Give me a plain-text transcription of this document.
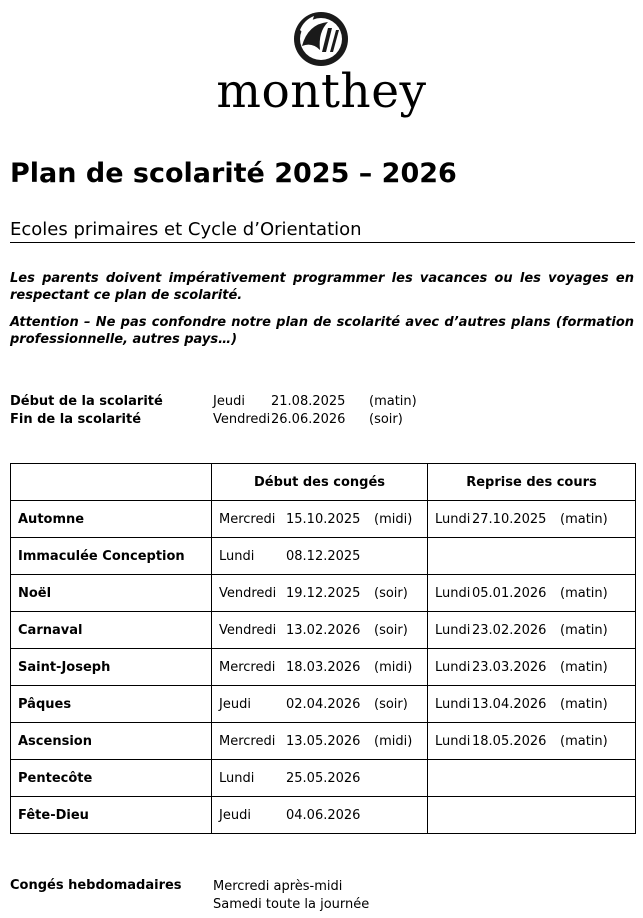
monthey
Plan de scolarité 2025 – 2026
Ecoles primaires et Cycle d’Orientation
Les parents doivent impérativement programmer les vacances ou les voyages en respectant ce plan de scolarité.
Attention – Ne pas confondre notre plan de scolarité avec d’autres plans (formation professionnelle, autres pays…)
Début de la scolarité	Jeudi 21.08.2025 (matin)
Fin de la scolarité	Vendredi 26.06.2026 (soir)
	Début des congés	Reprise des cours
Automne	Mercredi 15.10.2025 (midi)	Lundi 27.10.2025 (matin)
Immaculée Conception	Lundi 08.12.2025	
Noël	Vendredi 19.12.2025 (soir)	Lundi 05.01.2026 (matin)
Carnaval	Vendredi 13.02.2026 (soir)	Lundi 23.02.2026 (matin)
Saint-Joseph	Mercredi 18.03.2026 (midi)	Lundi 23.03.2026 (matin)
Pâques	Jeudi 02.04.2026 (soir)	Lundi 13.04.2026 (matin)
Ascension	Mercredi 13.05.2026 (midi)	Lundi 18.05.2026 (matin)
Pentecôte	Lundi 25.05.2026	
Fête-Dieu	Jeudi 04.06.2026	
Congés hebdomadaires Mercredi après-midi
Samedi toute la journée
